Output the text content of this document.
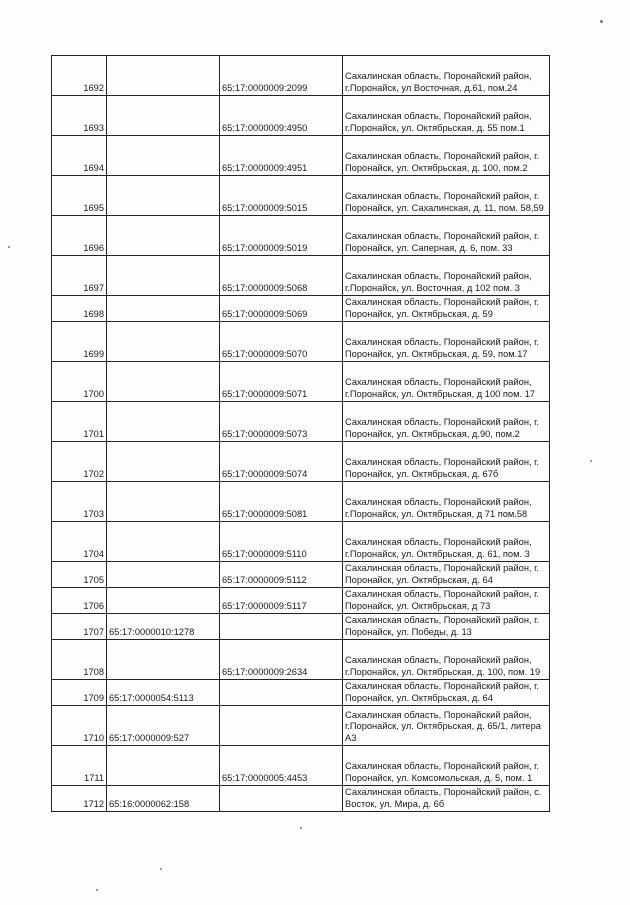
1692		65:17:0000009:2099	Сахалинская область, Поронайский район,
г.Поронайск, ул Восточная, д.61, пом.24

1693		65:17:0000009:4950	Сахалинская область, Поронайский район,
г.Поронайск, ул. Октябрьская, д. 55 пом.1

1694		65:17:0000009:4951	Сахалинская область, Поронайский район, г.
Поронайск, ул. Октябрьская, д. 100, пом.2

1695		65:17:0000009:5015	Сахалинская область, Поронайский район, г.
Поронайск, ул. Сахалинская, д. 11, пом. 58,59

1696		65:17:0000009:5019	Сахалинская область, Поронайский район, г.
Поронайск, ул. Саперная, д. 6, пом. 33

1697		65:17:0000009:5068	Сахалинская область, Поронайский район,
г.Поронайск, ул. Восточная, д 102 пом. 3

1698		65:17:0000009:5069	Сахалинская область, Поронайский район, г.
Поронайск, ул. Октябрьская, д. 59

1699		65:17:0000009:5070	Сахалинская область, Поронайский район, г.
Поронайск, ул. Октябрьская, д. 59, пом.17

1700		65:17:0000009:5071	Сахалинская область, Поронайский район,
г.Поронайск, ул. Октябрьская, д 100 пом. 17

1701		65:17:0000009:5073	Сахалинская область, Поронайский район, г.
Поронайск, ул. Октябрьская, д.90, пом.2

1702		65:17:0000009:5074	Сахалинская область, Поронайский район, г.
Поронайск, ул. Октябрьская, д. 67б

1703		65:17:0000009:5081	Сахалинская область, Поронайский район,
г.Поронайск, ул. Октябрьская, д 71 пом.58

1704		65:17:0000009:5110	Сахалинская область, Поронайский район,
г.Поронайск, ул. Октябрьская, д. 61, пом. 3

1705		65:17:0000009:5112	Сахалинская область, Поронайский район, г.
Поронайск, ул. Октябрьская, д. 64

1706		65:17:0000009:5117	Сахалинская область, Поронайский район, г.
Поронайск, ул. Октябрьская, д 73

1707	65:17:0000010:1278		Сахалинская область, Поронайский район, г.
Поронайск, ул. Победы, д. 13

1708		65:17:0000009:2634	Сахалинская область, Поронайский район,
г.Поронайск, ул. Октябрьская, д. 100, пом. 19

1709	65:17:0000054:5113		Сахалинская область, Поронайский район, г.
Поронайск, ул. Октябрьская, д. 64

1710	65:17:0000009:527		Сахалинская область, Поронайский район,
г.Поронайск, ул. Октябрьская, д. 65/1, литера
А3

1711		65:17:0000005:4453	Сахалинская область, Поронайский район, г.
Поронайск, ул. Комсомольская, д. 5, пом. 1

1712	65:16:0000062:158		Сахалинская область, Поронайский район, с.
Восток, ул. Мира, д. 6б
